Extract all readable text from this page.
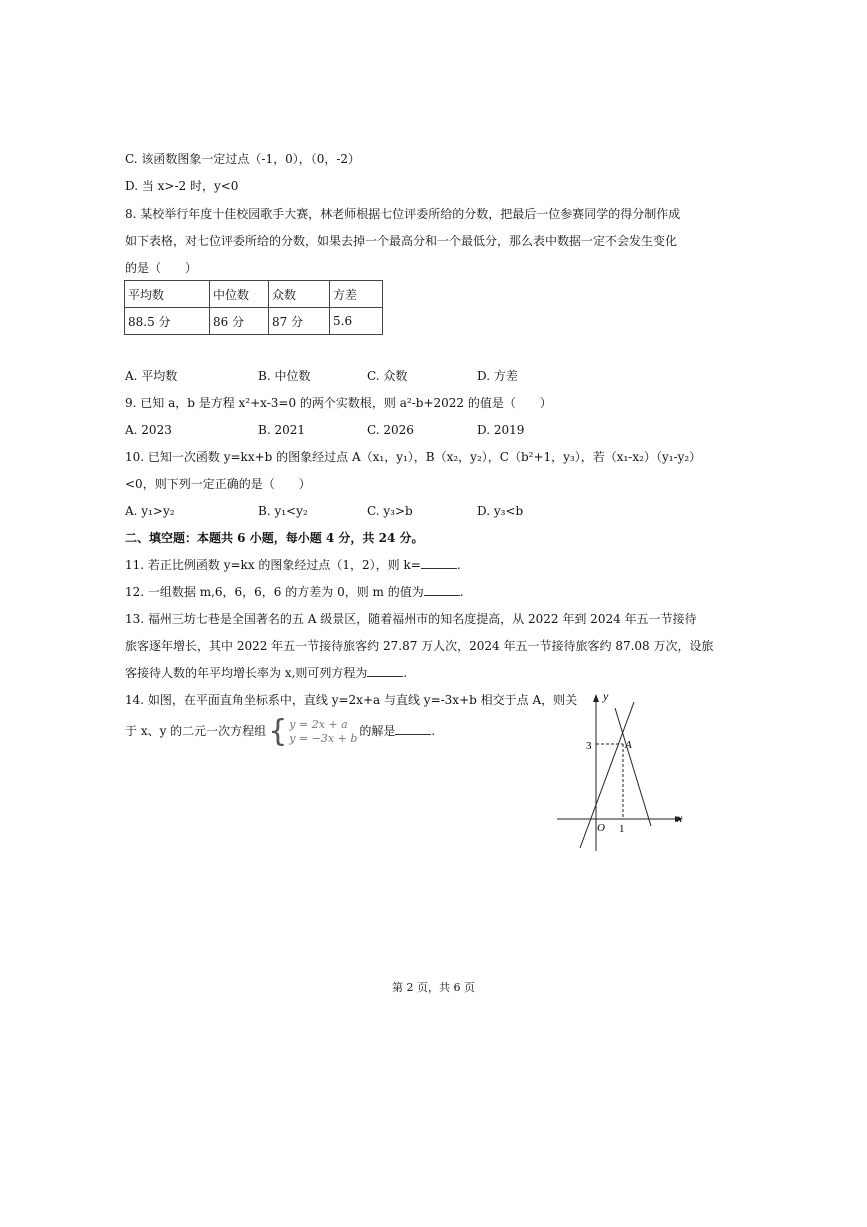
C. 该函数图象一定过点（-1，0），（0，-2）
D. 当 x>-2 时，y<0
8. 某校举行年度十佳校园歌手大赛，林老师根据七位评委所给的分数，把最后一位参赛同学的得分制作成
如下表格，对七位评委所给的分数，如果去掉一个最高分和一个最低分，那么表中数据一定不会发生变化
的是（　　）
平均数	中位数	众数	方差
88.5 分	86 分	87 分	5.6
A. 平均数	B. 中位数	C. 众数	D. 方差
9. 已知 a，b 是方程 x²+x-3=0 的两个实数根，则 a²-b+2022 的值是（　　）
A. 2023	B. 2021	C. 2026	D. 2019
10. 已知一次函数 y=kx+b 的图象经过点 A（x₁，y₁），B（x₂，y₂），C（b²+1，y₃），若（x₁-x₂）（y₁-y₂）
<0，则下列一定正确的是（　　）
A. y₁>y₂	B. y₁<y₂	C. y₃>b	D. y₃<b
二、填空题：本题共 6 小题，每小题 4 分，共 24 分。
11. 若正比例函数 y=kx 的图象经过点（1，2），则 k=	.
12. 一组数据 m,6，6，6，6 的方差为 0，则 m 的值为	.
13. 福州三坊七巷是全国著名的五 A 级景区，随着福州市的知名度提高，从 2022 年到 2024 年五一节接待
旅客逐年增长，其中 2022 年五一节接待旅客约 27.87 万人次，2024 年五一节接待旅客约 87.08 万次，设旅
客接待人数的年平均增长率为 x,则可列方程为	.
14. 如图，在平面直角坐标系中，直线 y=2x+a 与直线 y=-3x+b 相交于点 A，则关
于 x、y 的二元一次方程组 { y = 2x + a
y = −3x + b 的解是	.
y
x
O 1
3	A
第 2 页，共 6 页
